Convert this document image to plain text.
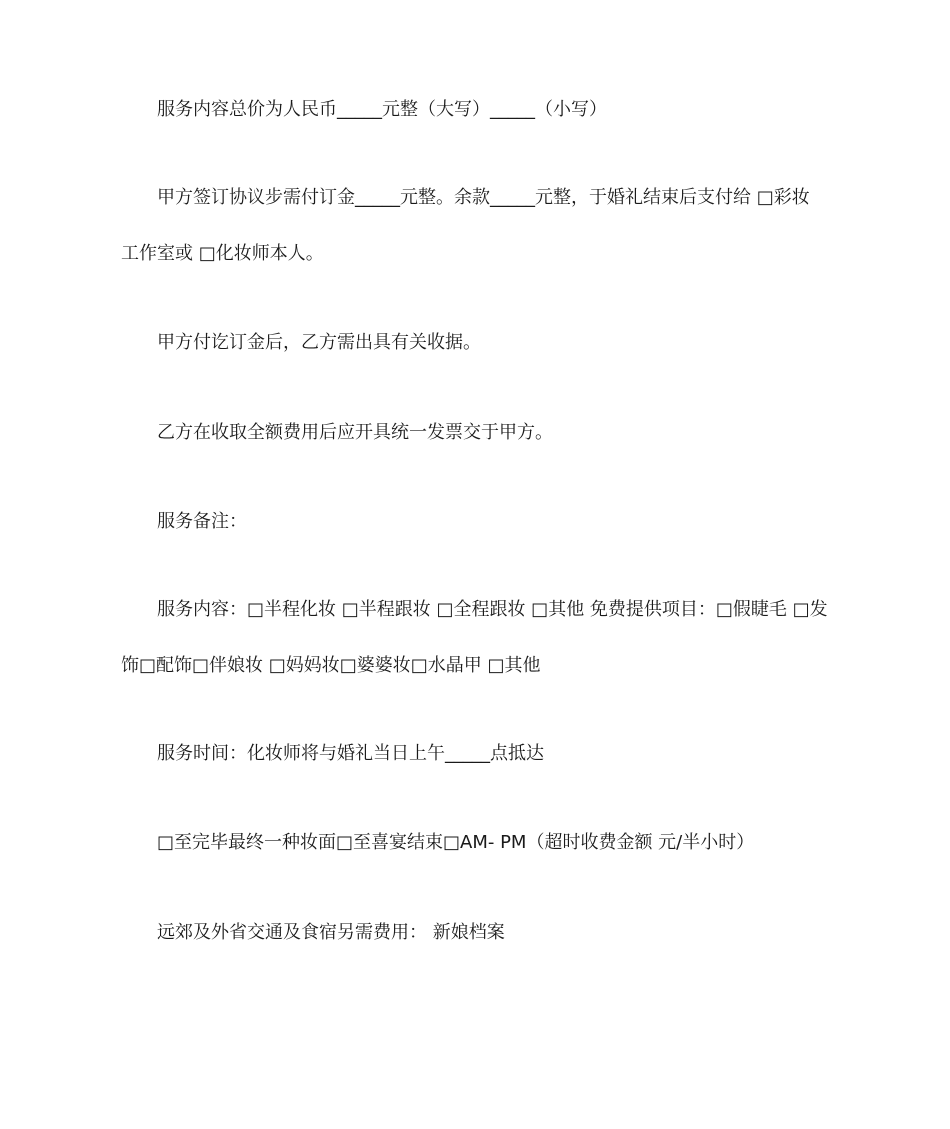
服务内容总价为人民币_____元整（大写）_____（小写）

甲方签订协议步需付订金_____元整。余款_____元整，于婚礼结束后支付给 □彩妆

工作室或 □化妆师本人。

甲方付讫订金后，乙方需出具有关收据。

乙方在收取全额费用后应开具统一发票交于甲方。

服务备注：

服务内容：□半程化妆 □半程跟妆 □全程跟妆 □其他 免费提供项目：□假睫毛 □发

饰□配饰□伴娘妆 □妈妈妆□婆婆妆□水晶甲 □其他

服务时间：化妆师将与婚礼当日上午_____点抵达

□至完毕最终一种妆面□至喜宴结束□AM- PM（超时收费金额 元/半小时）

远郊及外省交通及食宿另需费用： 新娘档案
